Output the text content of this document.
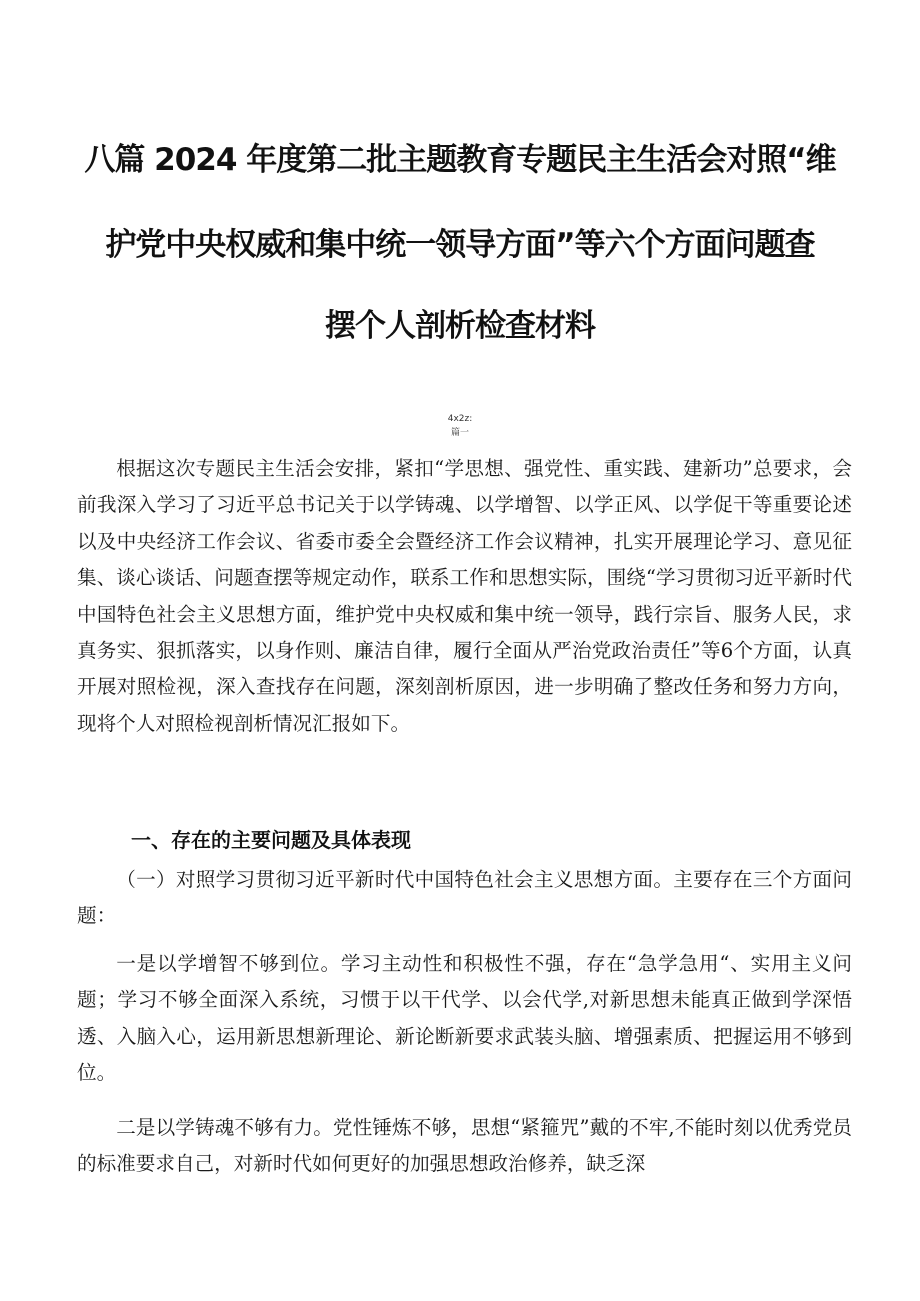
八篇 2024 年度第二批主题教育专题民主生活会对照“维
护党中央权威和集中统一领导方面”等六个方面问题查
摆个人剖析检查材料
4x2z:
篇一

根据这次专题民主生活会安排，紧扣“学思想、强党性、重实践、建新功”总要求，会前我深入学习了习近平总书记关于以学铸魂、以学增智、以学正风、以学促干等重要论述以及中央经济工作会议、省委市委全会暨经济工作会议精神，扎实开展理论学习、意见征集、谈心谈话、问题查摆等规定动作，联系工作和思想实际，围绕“学习贯彻习近平新时代中国特色社会主义思想方面，维护党中央权威和集中统一领导，践行宗旨、服务人民，求真务实、狠抓落实，以身作则、廉洁自律，履行全面从严治党政治责任”等6个方面，认真开展对照检视，深入查找存在问题，深刻剖析原因，进一步明确了整改任务和努力方向，现将个人对照检视剖析情况汇报如下。

一、存在的主要问题及具体表现

（一）对照学习贯彻习近平新时代中国特色社会主义思想方面。主要存在三个方面问题：

一是以学增智不够到位。学习主动性和积极性不强，存在“急学急用“、实用主义问题；学习不够全面深入系统，习惯于以干代学、以会代学,对新思想未能真正做到学深悟透、入脑入心，运用新思想新理论、新论断新要求武装头脑、增强素质、把握运用不够到位。

二是以学铸魂不够有力。党性锤炼不够，思想“紧箍咒”戴的不牢,不能时刻以优秀党员的标准要求自己，对新时代如何更好的加强思想政治修养，缺乏深
